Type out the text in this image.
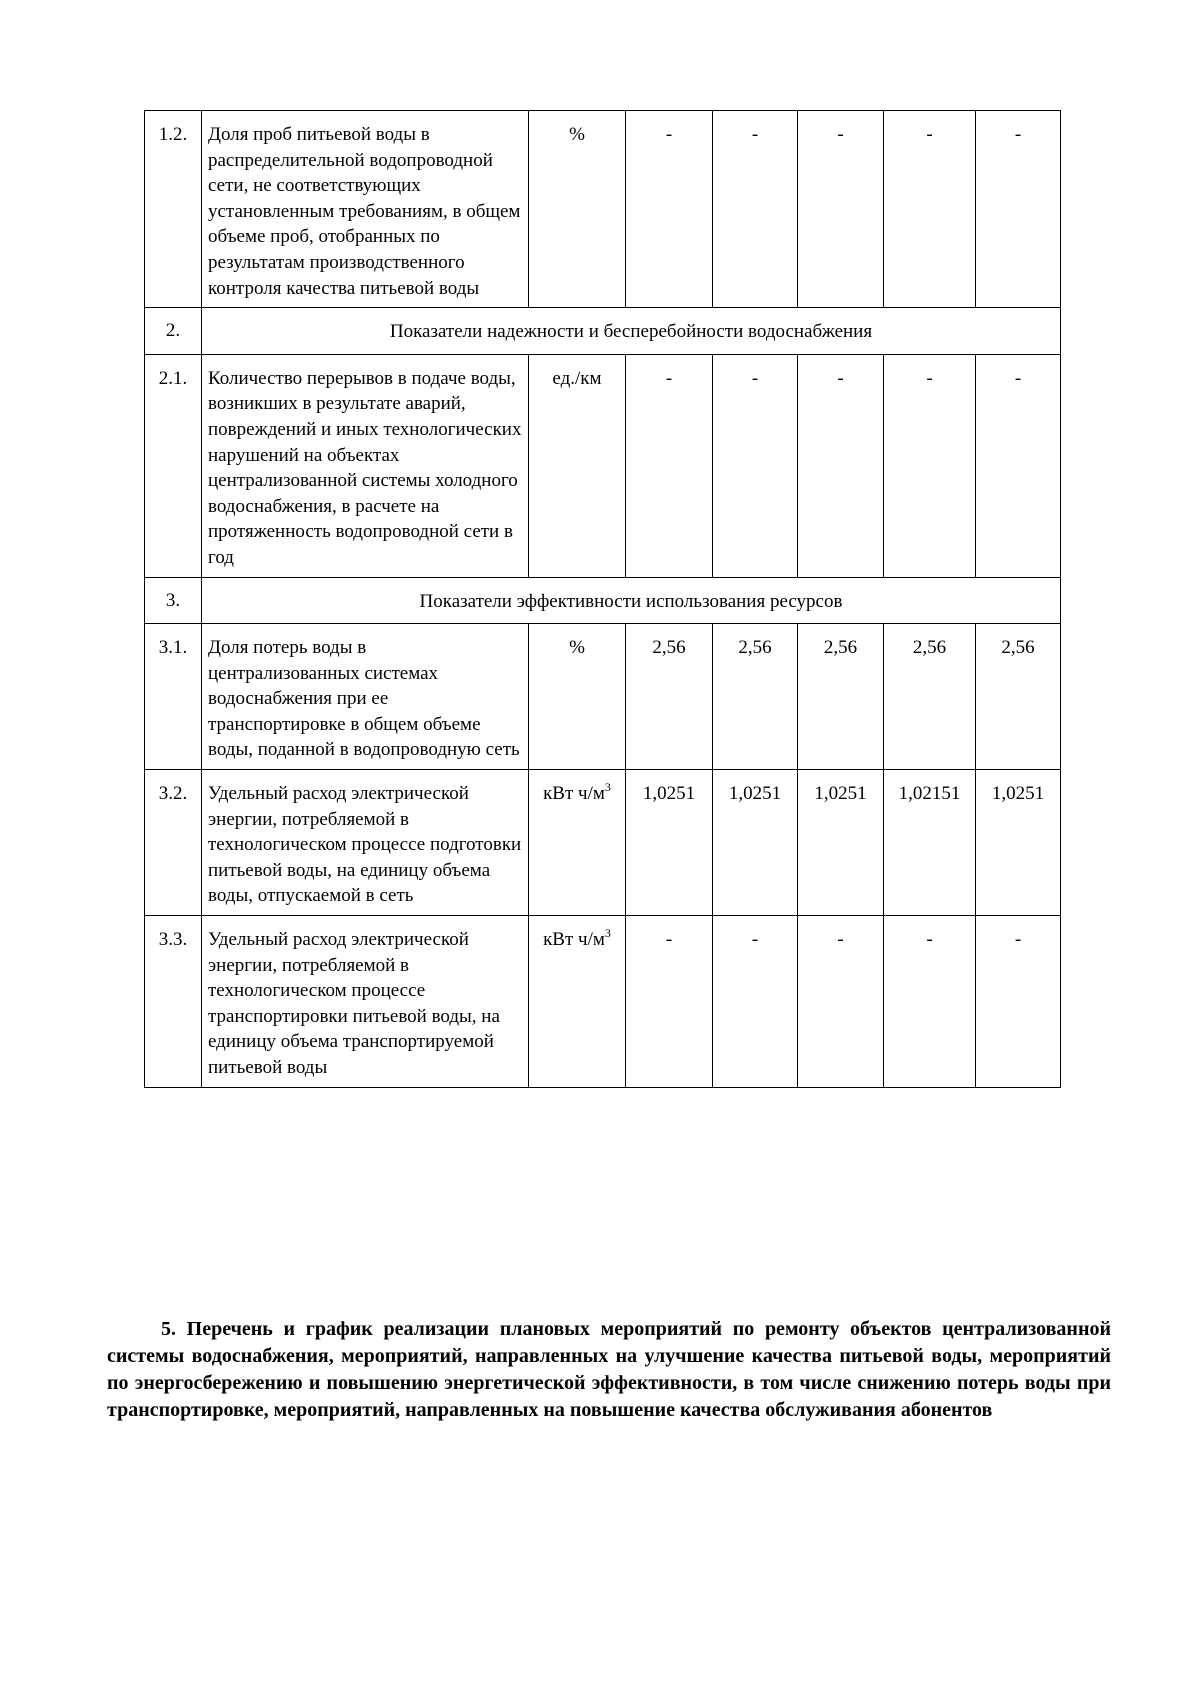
1.2.	Доля проб питьевой воды в распределительной водопроводной сети, не соответствующих установленным требованиям, в общем объеме проб, отобранных по результатам производственного контроля качества питьевой воды	%	-	-	-	-	-
2.	Показатели надежности и бесперебойности водоснабжения						
2.1.	Количество перерывов в подаче воды, возникших в результате аварий, повреждений и иных технологических нарушений на объектах централизованной системы холодного водоснабжения, в расчете на протяженность водопроводной сети в год	ед./км	-	-	-	-	-
3.	Показатели эффективности использования ресурсов						
3.1.	Доля потерь воды в централизованных системах водоснабжения при ее транспортировке в общем объеме воды, поданной в водопроводную сеть	%	2,56	2,56	2,56	2,56	2,56
3.2.	Удельный расход электрической энергии, потребляемой в технологическом процессе подготовки питьевой воды, на единицу объема воды, отпускаемой в сеть	кВт $ч/м^3$	1,0251	1,0251	1,0251	1,02151	1,0251
3.3.	Удельный расход электрической энергии, потребляемой в технологическом процессе транспортировки питьевой воды, на единицу объема транспортируемой питьевой воды	кВт $ч/м^3$	-	-	-	-	-
5. Перечень и график реализации плановых мероприятий по ремонту объектов централизованной системы водоснабжения, мероприятий, направленных на улучшение качества питьевой воды, мероприятий по энергосбережению и повышению энергетической эффективности, в том числе снижению потерь воды при транспортировке, мероприятий, направленных на повышение качества обслуживания абонентов
